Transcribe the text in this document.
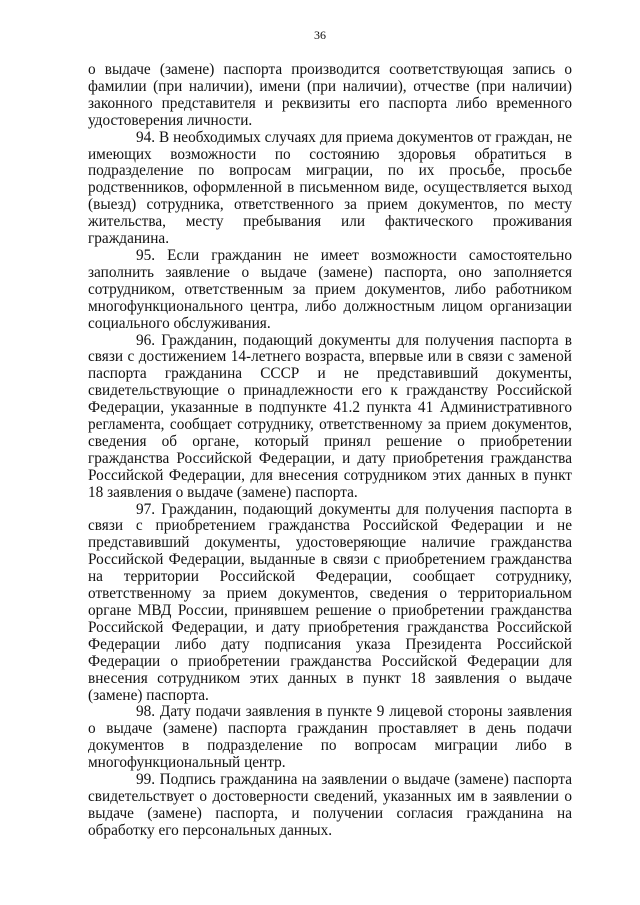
36

о выдаче (замене) паспорта производится соответствующая запись о фамилии (при наличии), имени (при наличии), отчестве (при наличии) законного представителя и реквизиты его паспорта либо временного удостоверения личности.

94. В необходимых случаях для приема документов от граждан, не имеющих возможности по состоянию здоровья обратиться в подразделение по вопросам миграции, по их просьбе, просьбе родственников, оформленной в письменном виде, осуществляется выход (выезд) сотрудника, ответственного за прием документов, по месту жительства, месту пребывания или фактического проживания гражданина.

95. Если гражданин не имеет возможности самостоятельно заполнить заявление о выдаче (замене) паспорта, оно заполняется сотрудником, ответственным за прием документов, либо работником многофункционального центра, либо должностным лицом организации социального обслуживания.

96. Гражданин, подающий документы для получения паспорта в связи с достижением 14-летнего возраста, впервые или в связи с заменой паспорта гражданина СССР и не представивший документы, свидетельствующие о принадлежности его к гражданству Российской Федерации, указанные в подпункте 41.2 пункта 41 Административного регламента, сообщает сотруднику, ответственному за прием документов, сведения об органе, который принял решение о приобретении гражданства Российской Федерации, и дату приобретения гражданства Российской Федерации, для внесения сотрудником этих данных в пункт 18 заявления о выдаче (замене) паспорта.

97. Гражданин, подающий документы для получения паспорта в связи с приобретением гражданства Российской Федерации и не представивший документы, удостоверяющие наличие гражданства Российской Федерации, выданные в связи с приобретением гражданства на территории Российской Федерации, сообщает сотруднику, ответственному за прием документов, сведения о территориальном органе МВД России, принявшем решение о приобретении гражданства Российской Федерации, и дату приобретения гражданства Российской Федерации либо дату подписания указа Президента Российской Федерации о приобретении гражданства Российской Федерации для внесения сотрудником этих данных в пункт 18 заявления о выдаче (замене) паспорта.

98. Дату подачи заявления в пункте 9 лицевой стороны заявления о выдаче (замене) паспорта гражданин проставляет в день подачи документов в подразделение по вопросам миграции либо в многофункциональный центр.

99. Подпись гражданина на заявлении о выдаче (замене) паспорта свидетельствует о достоверности сведений, указанных им в заявлении о выдаче (замене) паспорта, и получении согласия гражданина на обработку его персональных данных.
